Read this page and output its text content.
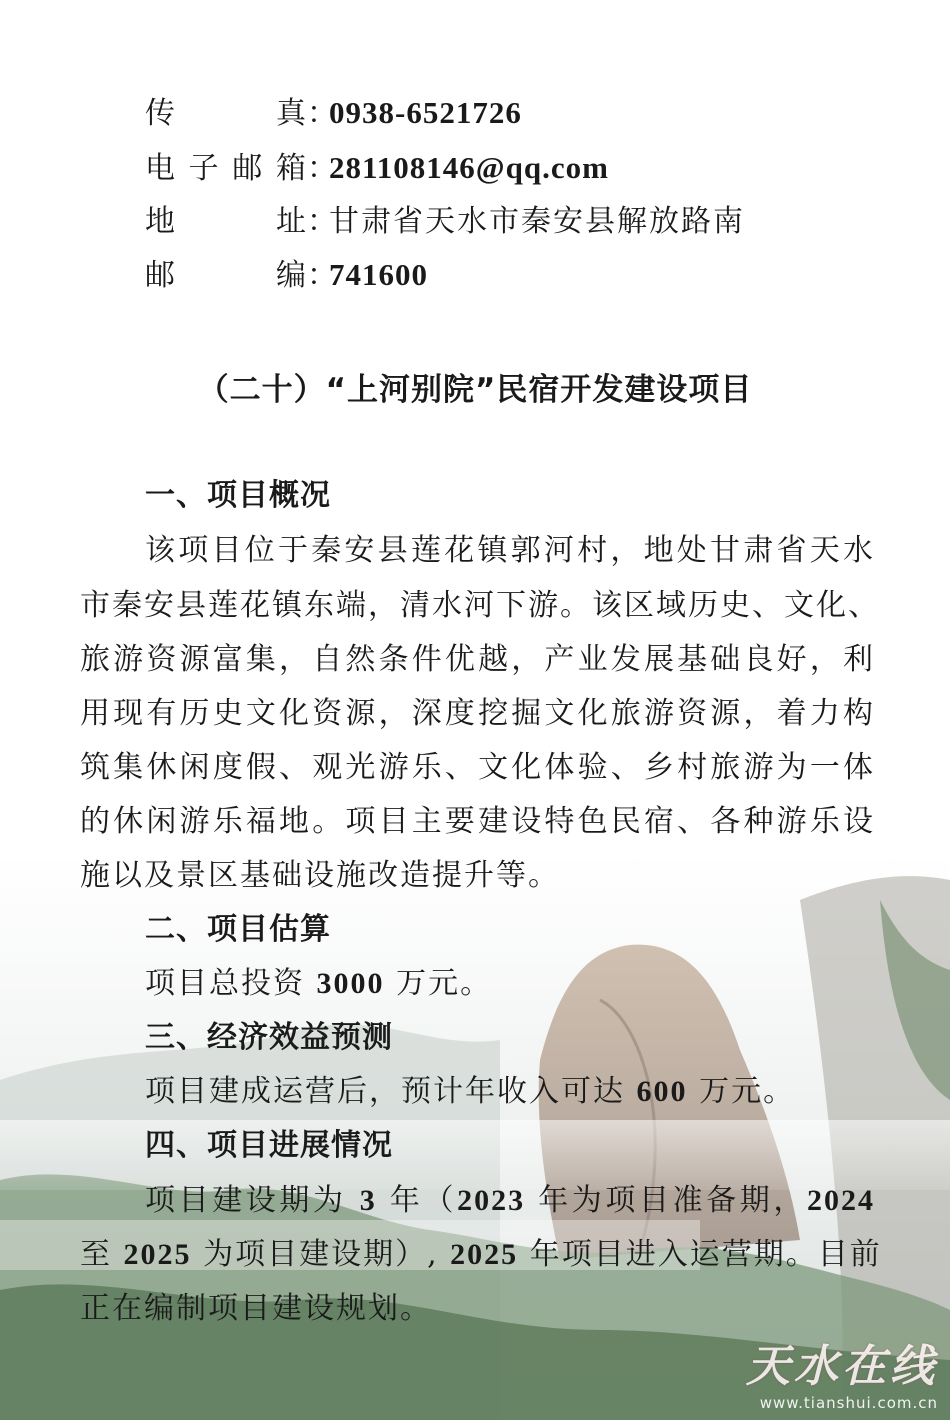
传真：0938-6521726
电子邮箱：281108146@qq.com
地址：甘肃省天水市秦安县解放路南
邮编：741600
（二十）“上河别院”民宿开发建设项目
一、项目概况
该项目位于秦安县莲花镇郭河村，地处甘肃省天水
市秦安县莲花镇东端，清水河下游。该区域历史、文化、
旅游资源富集，自然条件优越，产业发展基础良好，利
用现有历史文化资源，深度挖掘文化旅游资源，着力构
筑集休闲度假、观光游乐、文化体验、乡村旅游为一体
的休闲游乐福地。项目主要建设特色民宿、各种游乐设
施以及景区基础设施改造提升等。
二、项目估算
项目总投资 3000 万元。
三、经济效益预测
项目建成运营后，预计年收入可达 600 万元。
四、项目进展情况
项目建设期为 3 年（2023 年为项目准备期，2024
至 2025 为项目建设期）, 2025 年项目进入运营期。目前
正在编制项目建设规划。
天水在线
www.tianshui.com.cn
